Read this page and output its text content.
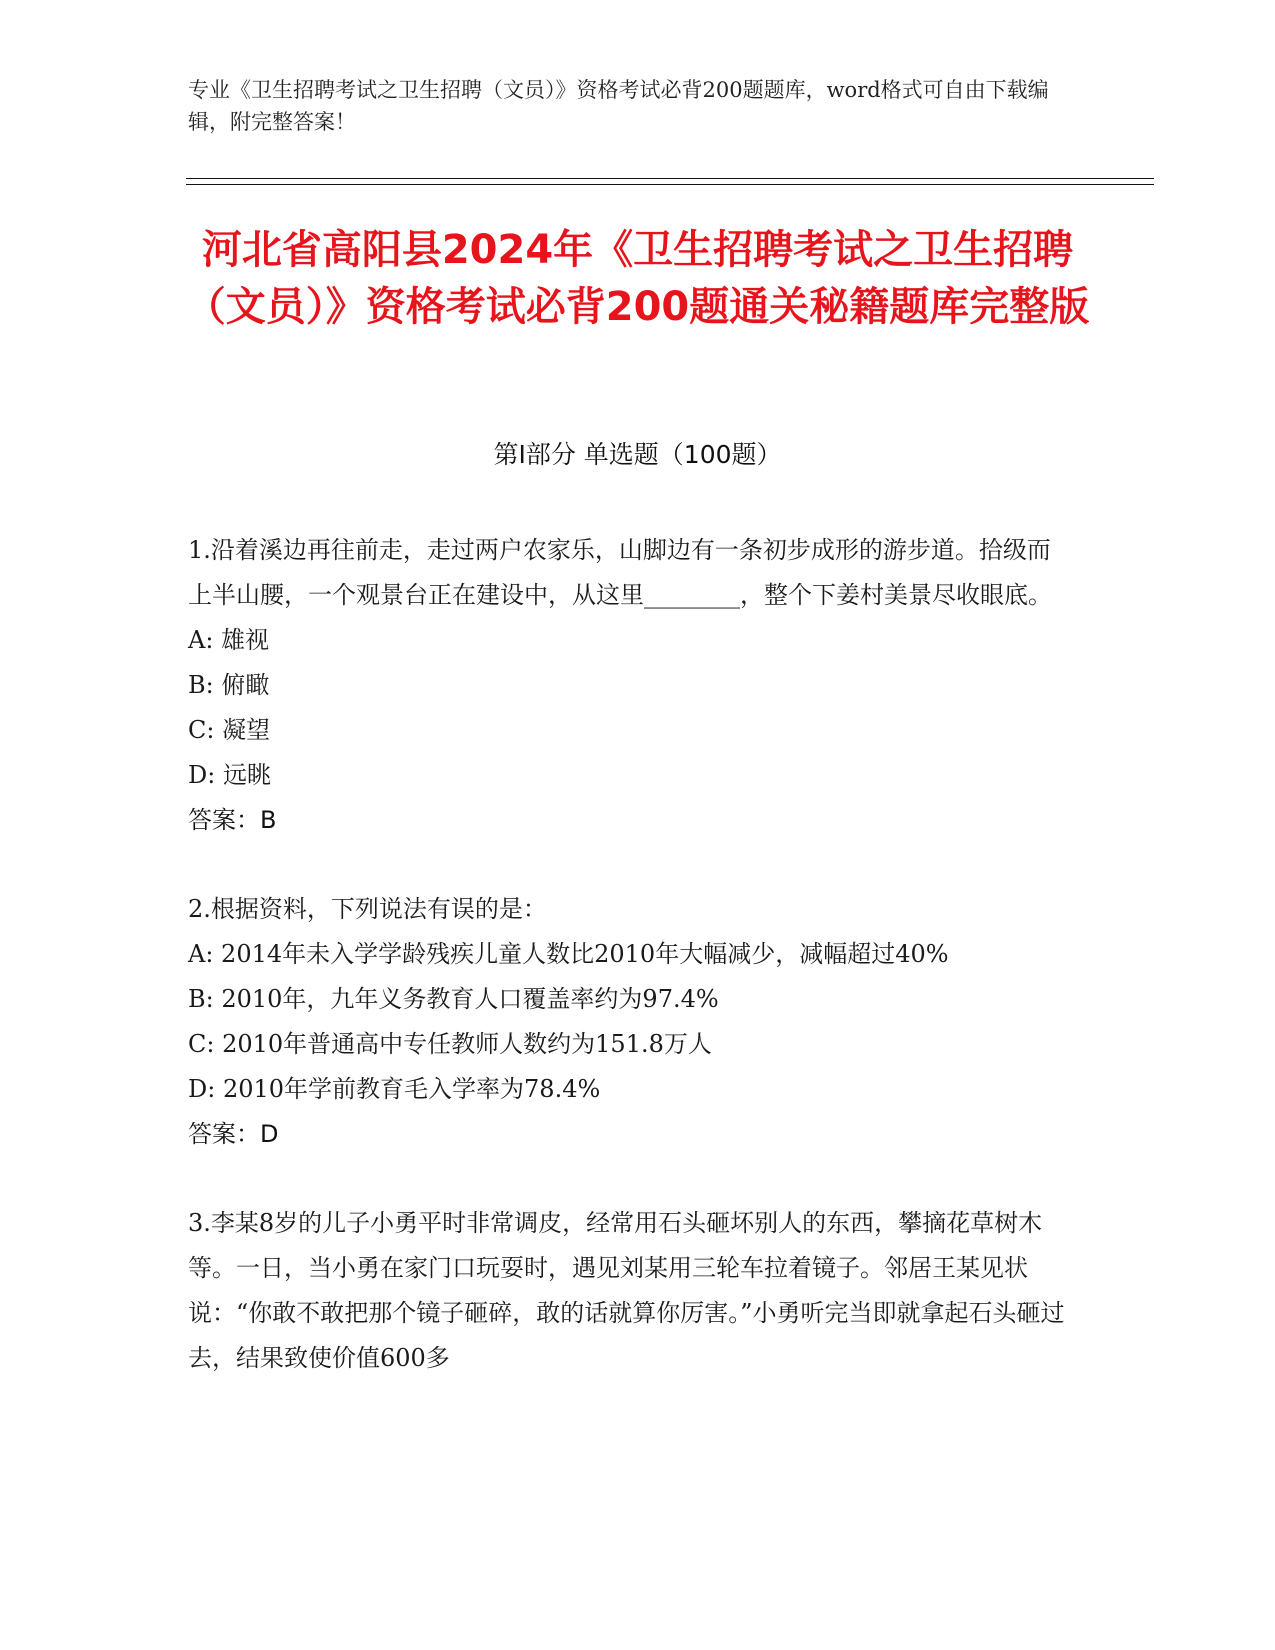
专业《卫生招聘考试之卫生招聘（文员）》资格考试必背200题题库，word格式可自由下载编辑，附完整答案！
河北省高阳县2024年《卫生招聘考试之卫生招聘（文员）》资格考试必背200题通关秘籍题库完整版
第Ⅰ部分 单选题（100题）
1.沿着溪边再往前走，走过两户农家乐，山脚边有一条初步成形的游步道。拾级而上半山腰，一个观景台正在建设中，从这里________，整个下姜村美景尽收眼底。
A: 雄视
B: 俯瞰
C: 凝望
D: 远眺
答案：B
2.根据资料，下列说法有误的是：
A: 2014年未入学学龄残疾儿童人数比2010年大幅减少，减幅超过40%
B: 2010年，九年义务教育人口覆盖率约为97.4%
C: 2010年普通高中专任教师人数约为151.8万人
D: 2010年学前教育毛入学率为78.4%
答案：D
3.李某8岁的儿子小勇平时非常调皮，经常用石头砸坏别人的东西，攀摘花草树木等。一日，当小勇在家门口玩耍时，遇见刘某用三轮车拉着镜子。邻居王某见状说：“你敢不敢把那个镜子砸碎，敢的话就算你厉害。”小勇听完当即就拿起石头砸过去，结果致使价值600多
